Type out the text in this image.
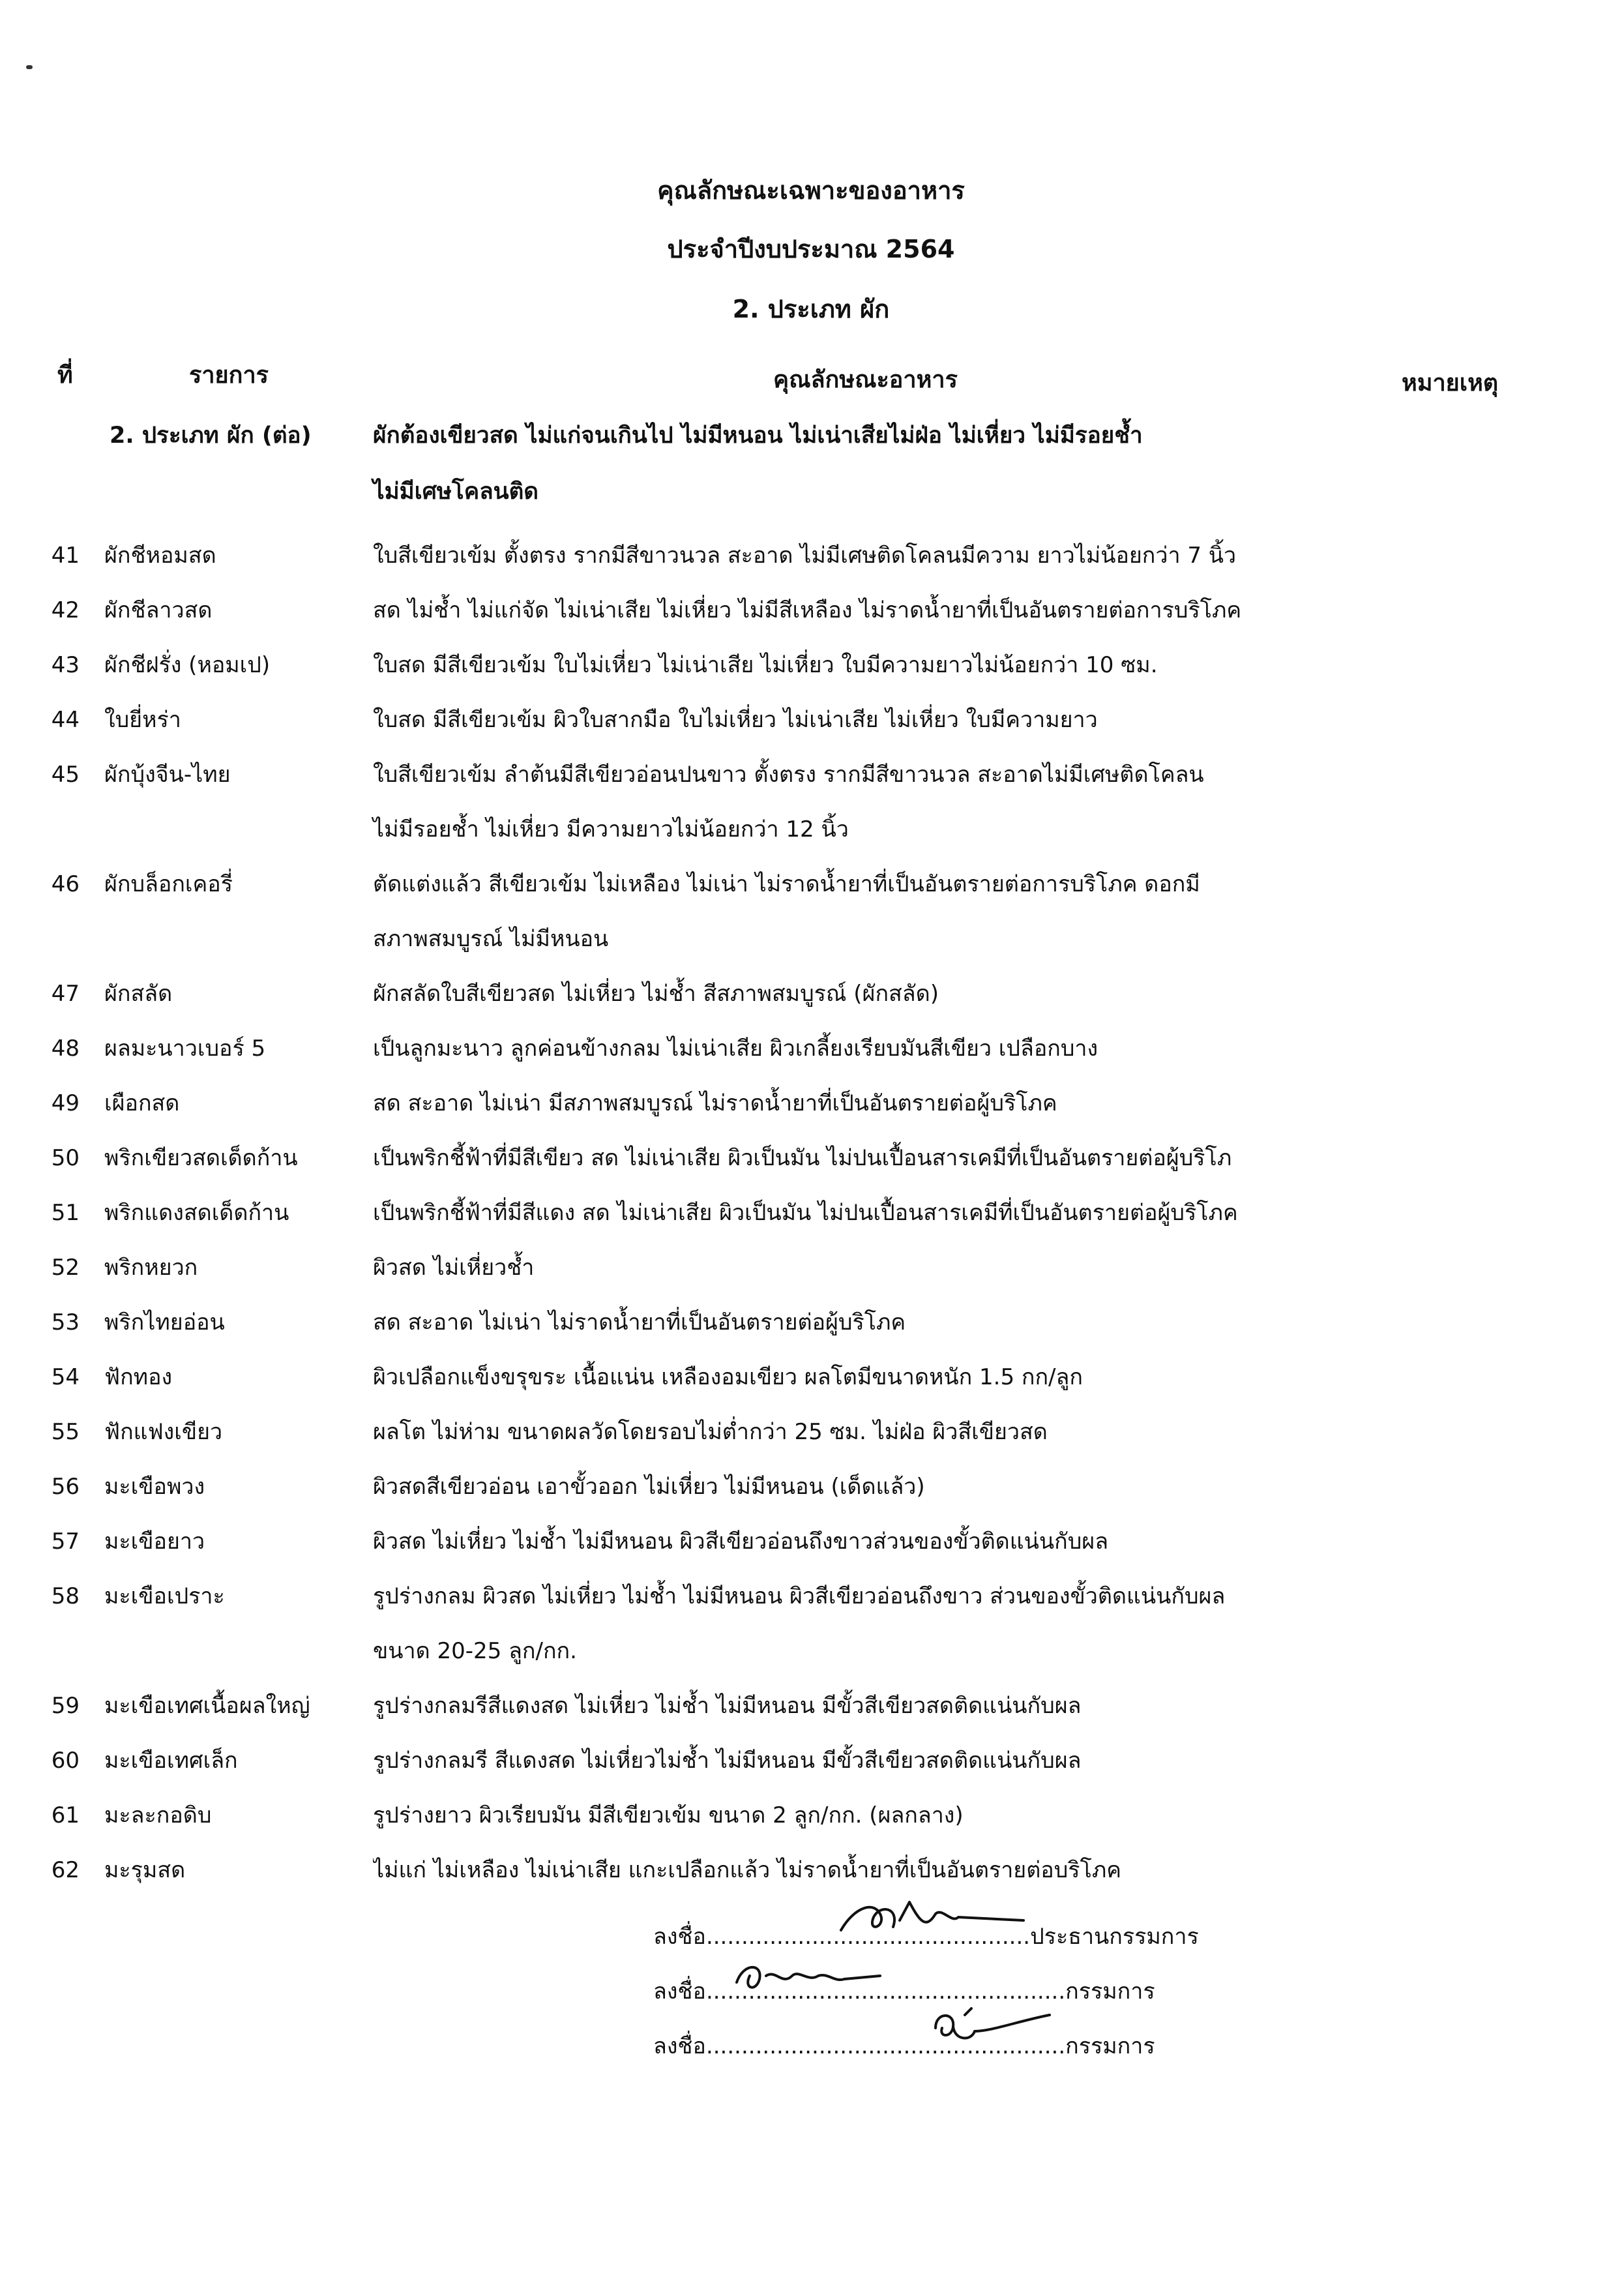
คุณลักษณะเฉพาะของอาหาร
ประจำปีงบประมาณ 2564
2. ประเภท ผัก
ที่	รายการ	คุณลักษณะอาหาร	หมายเหตุ
2. ประเภท ผัก (ต่อ)	ผักต้องเขียวสด ไม่แก่จนเกินไป ไม่มีหนอน ไม่เน่าเสียไม่ฝ่อ ไม่เหี่ยว ไม่มีรอยช้ำ
ไม่มีเศษโคลนติด
41 ผักชีหอมสด	ใบสีเขียวเข้ม ตั้งตรง รากมีสีขาวนวล สะอาด ไม่มีเศษติดโคลนมีความ ยาวไม่น้อยกว่า 7 นิ้ว
42 ผักชีลาวสด	สด ไม่ช้ำ ไม่แก่จัด ไม่เน่าเสีย ไม่เหี่ยว ไม่มีสีเหลือง ไม่ราดน้ำยาที่เป็นอันตรายต่อการบริโภค
43 ผักชีฝรั่ง (หอมเป)	ใบสด มีสีเขียวเข้ม ใบไม่เหี่ยว ไม่เน่าเสีย ไม่เหี่ยว ใบมีความยาวไม่น้อยกว่า 10 ซม.
44 ใบยี่หร่า	ใบสด มีสีเขียวเข้ม ผิวใบสากมือ ใบไม่เหี่ยว ไม่เน่าเสีย ไม่เหี่ยว ใบมีความยาว
45 ผักบุ้งจีน-ไทย	ใบสีเขียวเข้ม ลำต้นมีสีเขียวอ่อนปนขาว ตั้งตรง รากมีสีขาวนวล สะอาดไม่มีเศษติดโคลน
ไม่มีรอยช้ำ ไม่เหี่ยว มีความยาวไม่น้อยกว่า 12 นิ้ว
46 ผักบล็อกเคอรี่	ตัดแต่งแล้ว สีเขียวเข้ม ไม่เหลือง ไม่เน่า ไม่ราดน้ำยาที่เป็นอันตรายต่อการบริโภค ดอกมี
สภาพสมบูรณ์ ไม่มีหนอน
47 ผักสลัด	ผักสลัดใบสีเขียวสด ไม่เหี่ยว ไม่ช้ำ สีสภาพสมบูรณ์ (ผักสลัด)
48 ผลมะนาวเบอร์ 5	เป็นลูกมะนาว ลูกค่อนข้างกลม ไม่เน่าเสีย ผิวเกลี้ยงเรียบมันสีเขียว เปลือกบาง
49 เผือกสด	สด สะอาด ไม่เน่า มีสภาพสมบูรณ์ ไม่ราดน้ำยาที่เป็นอันตรายต่อผู้บริโภค
50 พริกเขียวสดเด็ดก้าน	เป็นพริกชี้ฟ้าที่มีสีเขียว สด ไม่เน่าเสีย ผิวเป็นมัน ไม่ปนเปื้อนสารเคมีที่เป็นอันตรายต่อผู้บริโภ
51 พริกแดงสดเด็ดก้าน	เป็นพริกชี้ฟ้าที่มีสีแดง สด ไม่เน่าเสีย ผิวเป็นมัน ไม่ปนเปื้อนสารเคมีที่เป็นอันตรายต่อผู้บริโภค
52 พริกหยวก	ผิวสด ไม่เหี่ยวช้ำ
53 พริกไทยอ่อน	สด สะอาด ไม่เน่า ไม่ราดน้ำยาที่เป็นอันตรายต่อผู้บริโภค
54 ฟักทอง	ผิวเปลือกแข็งขรุขระ เนื้อแน่น เหลืองอมเขียว ผลโตมีขนาดหนัก 1.5 กก/ลูก
55 ฟักแฟงเขียว	ผลโต ไม่ห่าม ขนาดผลวัดโดยรอบไม่ต่ำกว่า 25 ซม. ไม่ฝ่อ ผิวสีเขียวสด
56 มะเขือพวง	ผิวสดสีเขียวอ่อน เอาขั้วออก ไม่เหี่ยว ไม่มีหนอน (เด็ดแล้ว)
57 มะเขือยาว	ผิวสด ไม่เหี่ยว ไม่ช้ำ ไม่มีหนอน ผิวสีเขียวอ่อนถึงขาวส่วนของขั้วติดแน่นกับผล
58 มะเขือเปราะ	รูปร่างกลม ผิวสด ไม่เหี่ยว ไม่ช้ำ ไม่มีหนอน ผิวสีเขียวอ่อนถึงขาว ส่วนของขั้วติดแน่นกับผล
ขนาด 20-25 ลูก/กก.
59 มะเขือเทศเนื้อผลใหญ่	รูปร่างกลมรีสีแดงสด ไม่เหี่ยว ไม่ช้ำ ไม่มีหนอน มีขั้วสีเขียวสดติดแน่นกับผล
60 มะเขือเทศเล็ก	รูปร่างกลมรี สีแดงสด ไม่เหี่ยวไม่ช้ำ ไม่มีหนอน มีขั้วสีเขียวสดติดแน่นกับผล
61 มะละกอดิบ	รูปร่างยาว ผิวเรียบมัน มีสีเขียวเข้ม ขนาด 2 ลูก/กก. (ผลกลาง)
62 มะรุมสด	ไม่แก่ ไม่เหลือง ไม่เน่าเสีย แกะเปลือกแล้ว ไม่ราดน้ำยาที่เป็นอันตรายต่อบริโภค
ลงชื่อ..............................................ประธานกรรมการ
ลงชื่อ...................................................กรรมการ
ลงชื่อ...................................................กรรมการ
